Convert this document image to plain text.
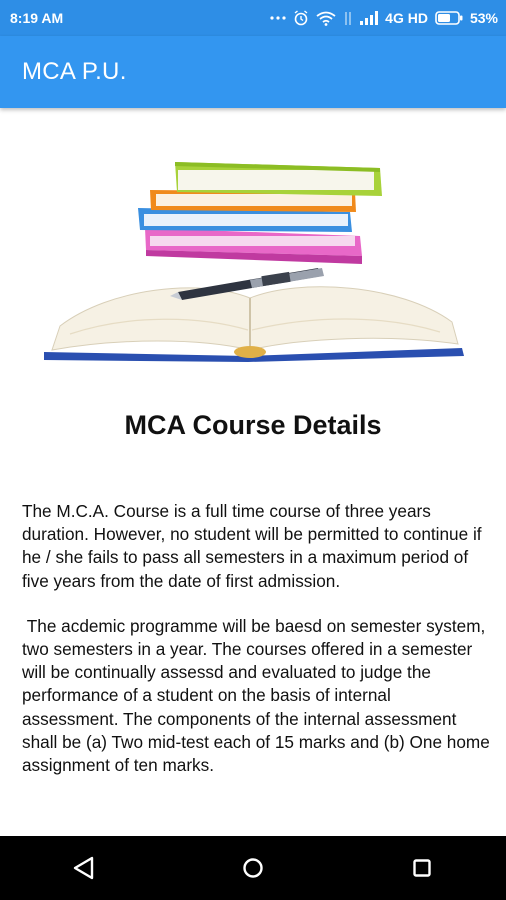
8:19 AM	4G HD	53%
MCA P.U.
MCA Course Details

The M.C.A. Course is a full time course of three years duration. However, no student will be permitted to continue if he / she fails to pass all semesters in a maximum period of five years from the date of first admission.

The acdemic programme will be baesd on semester system, two semesters in a year. The courses offered in a semester will be continually assessd and evaluated to judge the performance of a student on the basis of internal assessment. The components of the internal assessment shall be (a) Two mid-test each of 15 marks and (b) One home assignment of ten marks.
